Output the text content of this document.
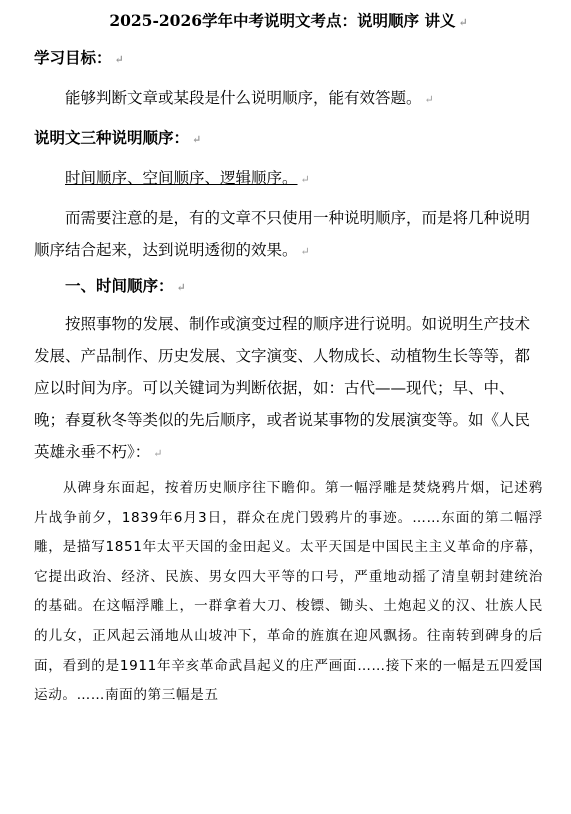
2025-2026学年中考说明文考点：说明顺序 讲义 ↵
学习目标： ↵

能够判断文章或某段是什么说明顺序，能有效答题。 ↵

说明文三种说明顺序： ↵

时间顺序、空间顺序、逻辑顺序。 ↵

而需要注意的是，有的文章不只使用一种说明顺序，而是将几种说明顺序结合起来，达到说明透彻的效果。 ↵

一、时间顺序： ↵

按照事物的发展、制作或演变过程的顺序进行说明。如说明生产技术发展、产品制作、历史发展、文字演变、人物成长、动植物生长等等，都应以时间为序。可以关键词为判断依据，如：古代——现代；早、中、晚；春夏秋冬等类似的先后顺序，或者说某事物的发展演变等。如《人民英雄永垂不朽》： ↵

从碑身东面起，按着历史顺序往下瞻仰。第一幅浮雕是焚烧鸦片烟，记述鸦片战争前夕，1839年6月3日，群众在虎门毁鸦片的事迹。……东面的第二幅浮雕，是描写1851年太平天国的金田起义。太平天国是中国民主主义革命的序幕，它提出政治、经济、民族、男女四大平等的口号，严重地动摇了清皇朝封建统治的基础。在这幅浮雕上，一群拿着大刀、梭镖、锄头、土炮起义的汉、壮族人民的儿女，正风起云涌地从山坡冲下，革命的旌旗在迎风飘扬。往南转到碑身的后面，看到的是1911年辛亥革命武昌起义的庄严画面……接下来的一幅是五四爱国运动。……南面的第三幅是五
